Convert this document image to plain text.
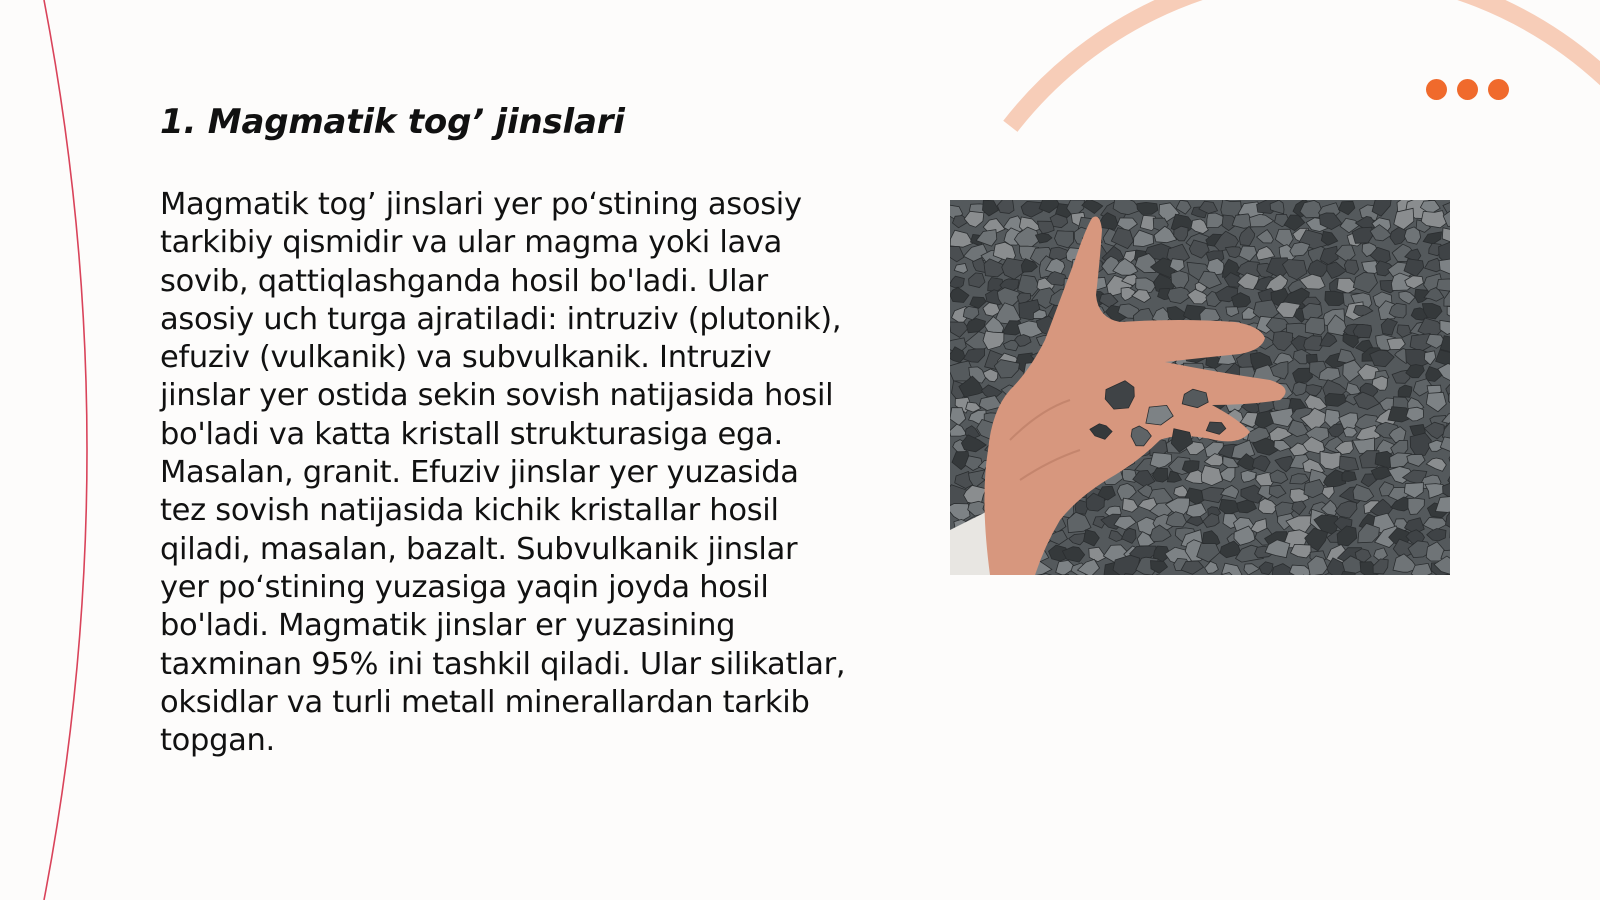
1. Magmatik tog’ jinslari

Magmatik tog’ jinslari yer po‘stining asosiy tarkibiy qismidir va ular magma yoki lava sovib, qattiqlashganda hosil bo'ladi. Ular asosiy uch turga ajratiladi: intruziv (plutonik), efuziv (vulkanik) va subvulkanik. Intruziv jinslar yer ostida sekin sovish natijasida hosil bo'ladi va katta kristall strukturasiga ega. Masalan, granit. Efuziv jinslar yer yuzasida tez sovish natijasida kichik kristallar hosil qiladi, masalan, bazalt. Subvulkanik jinslar yer po‘stining yuzasiga yaqin joyda hosil bo'ladi. Magmatik jinslar er yuzasining taxminan 95% ini tashkil qiladi. Ular silikatlar, oksidlar va turli metall minerallardan tarkib topgan.
